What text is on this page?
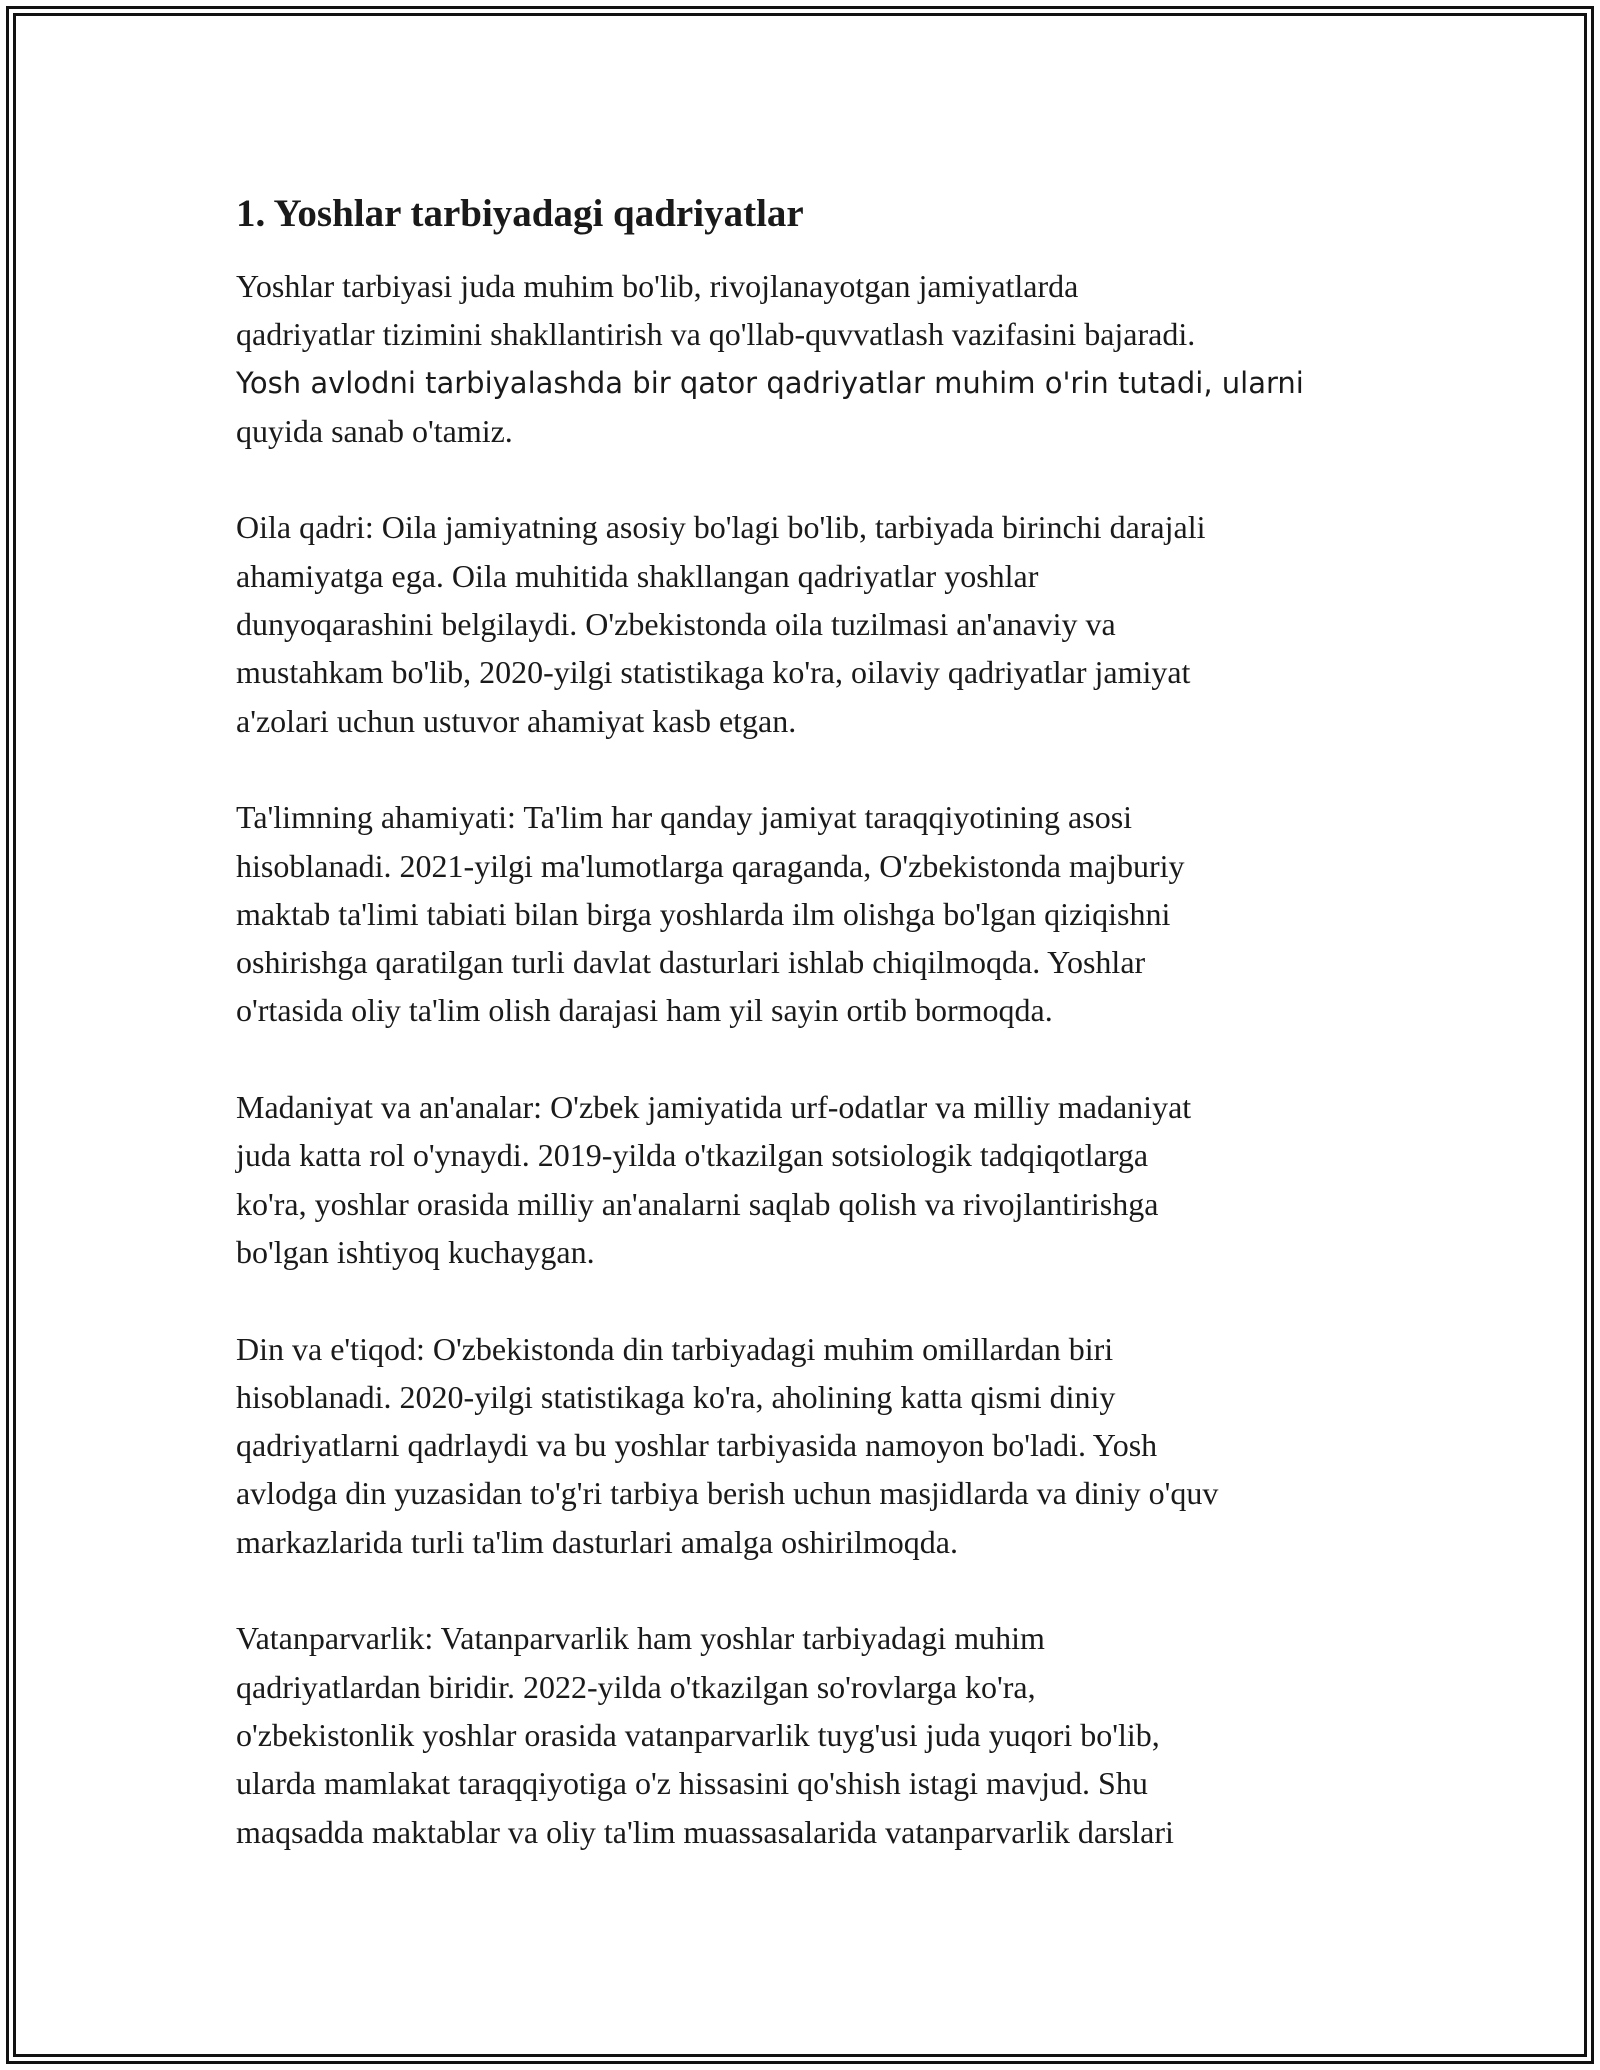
1. Yoshlar tarbiyadagi qadriyatlar
Yoshlar tarbiyasi juda muhim bo'lib, rivojlanayotgan jamiyatlarda
qadriyatlar tizimini shakllantirish va qo'llab-quvvatlash vazifasini bajaradi.
Yosh avlodni tarbiyalashda bir qator qadriyatlar muhim o'rin tutadi, ularni
quyida sanab o'tamiz.
Oila qadri: Oila jamiyatning asosiy bo'lagi bo'lib, tarbiyada birinchi darajali
ahamiyatga ega. Oila muhitida shakllangan qadriyatlar yoshlar
dunyoqarashini belgilaydi. O'zbekistonda oila tuzilmasi an'anaviy va
mustahkam bo'lib, 2020-yilgi statistikaga ko'ra, oilaviy qadriyatlar jamiyat
a'zolari uchun ustuvor ahamiyat kasb etgan.
Ta'limning ahamiyati: Ta'lim har qanday jamiyat taraqqiyotining asosi
hisoblanadi. 2021-yilgi ma'lumotlarga qaraganda, O'zbekistonda majburiy
maktab ta'limi tabiati bilan birga yoshlarda ilm olishga bo'lgan qiziqishni
oshirishga qaratilgan turli davlat dasturlari ishlab chiqilmoqda. Yoshlar
o'rtasida oliy ta'lim olish darajasi ham yil sayin ortib bormoqda.
Madaniyat va an'analar: O'zbek jamiyatida urf-odatlar va milliy madaniyat
juda katta rol o'ynaydi. 2019-yilda o'tkazilgan sotsiologik tadqiqotlarga
ko'ra, yoshlar orasida milliy an'analarni saqlab qolish va rivojlantirishga
bo'lgan ishtiyoq kuchaygan.
Din va e'tiqod: O'zbekistonda din tarbiyadagi muhim omillardan biri
hisoblanadi. 2020-yilgi statistikaga ko'ra, aholining katta qismi diniy
qadriyatlarni qadrlaydi va bu yoshlar tarbiyasida namoyon bo'ladi. Yosh
avlodga din yuzasidan to'g'ri tarbiya berish uchun masjidlarda va diniy o'quv
markazlarida turli ta'lim dasturlari amalga oshirilmoqda.
Vatanparvarlik: Vatanparvarlik ham yoshlar tarbiyadagi muhim
qadriyatlardan biridir. 2022-yilda o'tkazilgan so'rovlarga ko'ra,
o'zbekistonlik yoshlar orasida vatanparvarlik tuyg'usi juda yuqori bo'lib,
ularda mamlakat taraqqiyotiga o'z hissasini qo'shish istagi mavjud. Shu
maqsadda maktablar va oliy ta'lim muassasalarida vatanparvarlik darslari
